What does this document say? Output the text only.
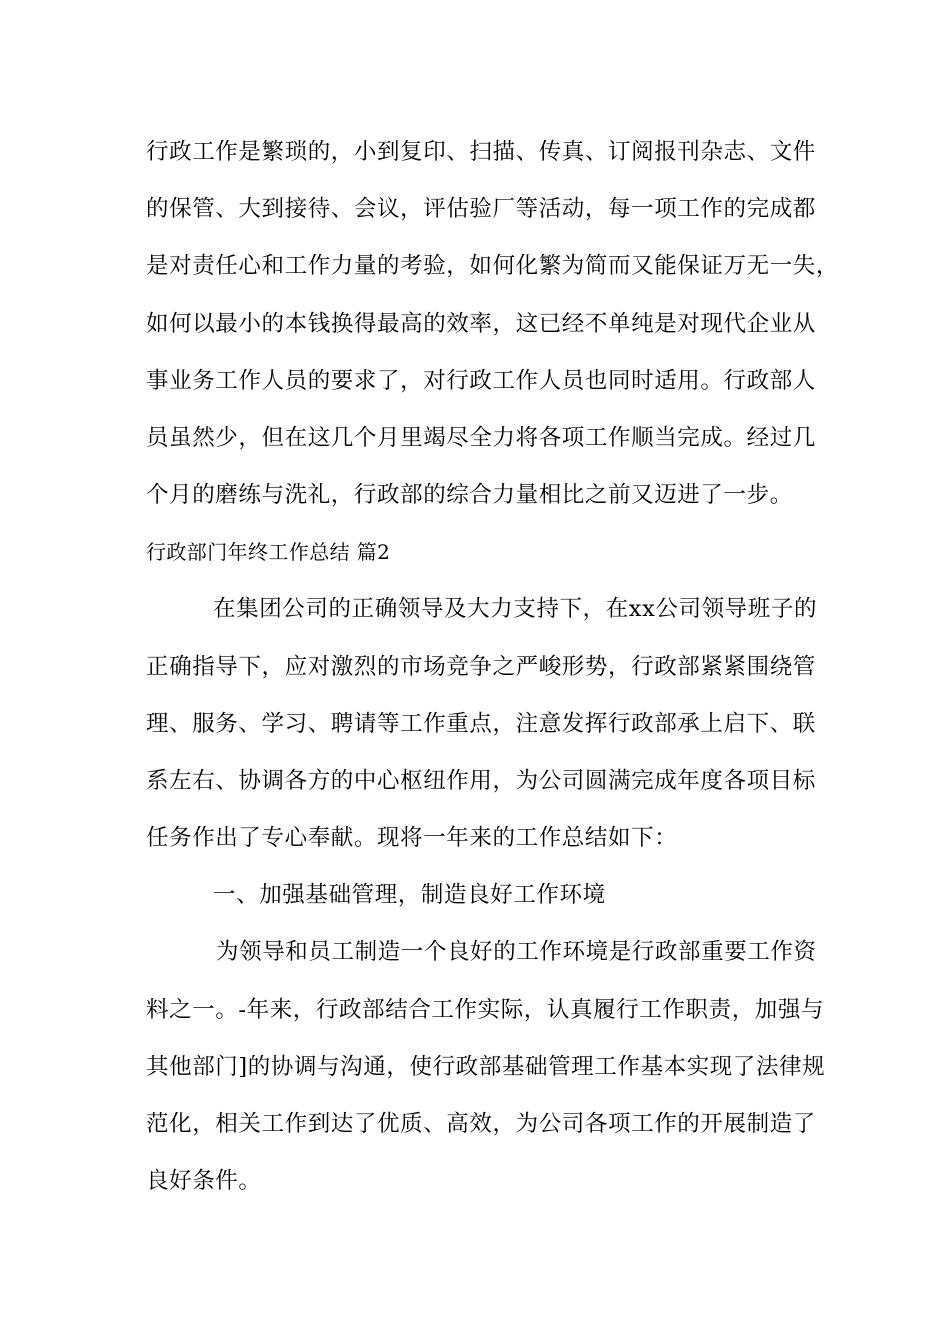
行政工作是繁琐的，小到复印、扫描、传真、订阅报刊杂志、文件

的保管、大到接待、会议，评估验厂等活动，每一项工作的完成都

是对责任心和工作力量的考验，如何化繁为简而又能保证万无一失，

如何以最小的本钱换得最高的效率，这已经不单纯是对现代企业从

事业务工作人员的要求了，对行政工作人员也同时适用。行政部人

员虽然少，但在这几个月里竭尽全力将各项工作顺当完成。经过几

个月的磨练与洗礼，行政部的综合力量相比之前又迈进了一步。

行政部门年终工作总结 篇2

在集团公司的正确领导及大力支持下，在xx公司领导班子的

正确指导下，应对激烈的市场竞争之严峻形势，行政部紧紧围绕管

理、服务、学习、聘请等工作重点，注意发挥行政部承上启下、联

系左右、协调各方的中心枢纽作用，为公司圆满完成年度各项目标

任务作出了专心奉献。现将一年来的工作总结如下：

一、加强基础管理，制造良好工作环境

为领导和员工制造一个良好的工作环境是行政部重要工作资

料之一。-年来，行政部结合工作实际，认真履行工作职责，加强与

其他部门]的协调与沟通，使行政部基础管理工作基本实现了法律规

范化，相关工作到达了优质、高效，为公司各项工作的开展制造了

良好条件。
